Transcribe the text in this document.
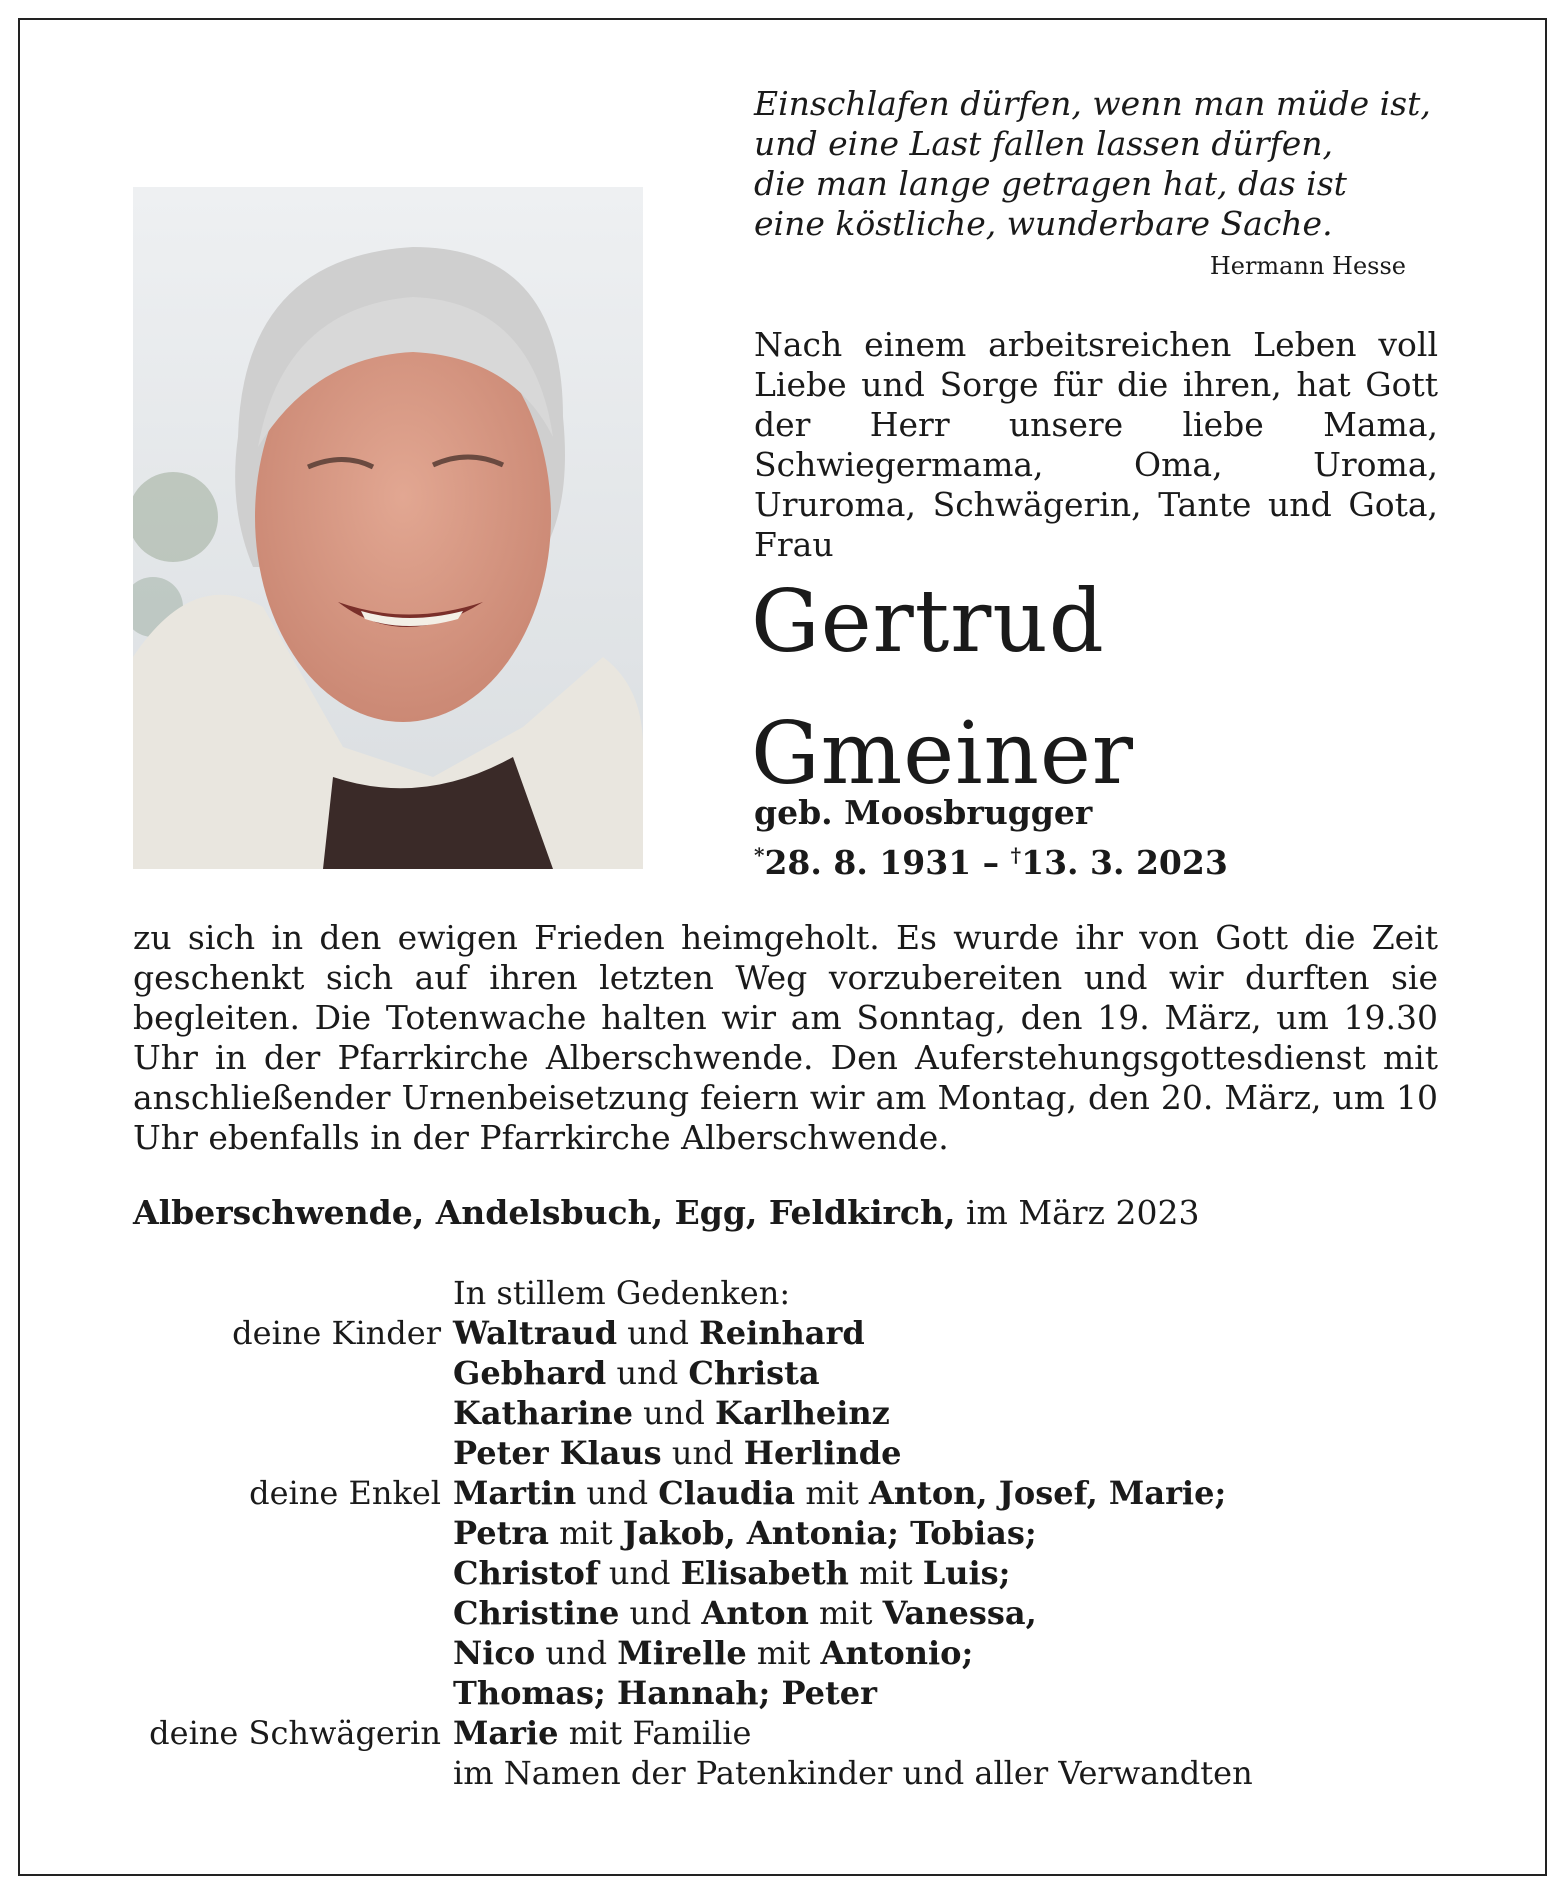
Einschlafen dürfen, wenn man müde ist,
und eine Last fallen lassen dürfen,
die man lange getragen hat, das ist
eine köstliche, wunderbare Sache.
Hermann Hesse
Nach einem arbeitsreichen Leben voll Liebe und Sorge für die ihren, hat Gott der Herr unsere liebe Mama, Schwiegermama, Oma, Uroma, Ururoma, Schwägerin, Tante und Gota, Frau
Gertrud
Gmeiner
geb. Moosbrugger
*28. 8. 1931 – †13. 3. 2023
zu sich in den ewigen Frieden heimgeholt. Es wurde ihr von Gott die Zeit geschenkt sich auf ihren letzten Weg vorzubereiten und wir durften sie begleiten. Die Totenwache halten wir am Sonntag, den 19. März, um 19.30 Uhr in der Pfarrkirche Alberschwende. Den Auferstehungsgottesdienst mit anschließender Urnenbeisetzung feiern wir am Montag, den 20. März, um 10 Uhr ebenfalls in der Pfarrkirche Alberschwende.
Alberschwende, Andelsbuch, Egg, Feldkirch, im März 2023
In stillem Gedenken:
deine Kinder Waltraud und Reinhard
Gebhard und Christa
Katharine und Karlheinz
Peter Klaus und Herlinde
deine Enkel Martin und Claudia mit Anton, Josef, Marie;
Petra mit Jakob, Antonia; Tobias;
Christof und Elisabeth mit Luis;
Christine und Anton mit Vanessa,
Nico und Mirelle mit Antonio;
Thomas; Hannah; Peter
deine Schwägerin Marie mit Familie
im Namen der Patenkinder und aller Verwandten
